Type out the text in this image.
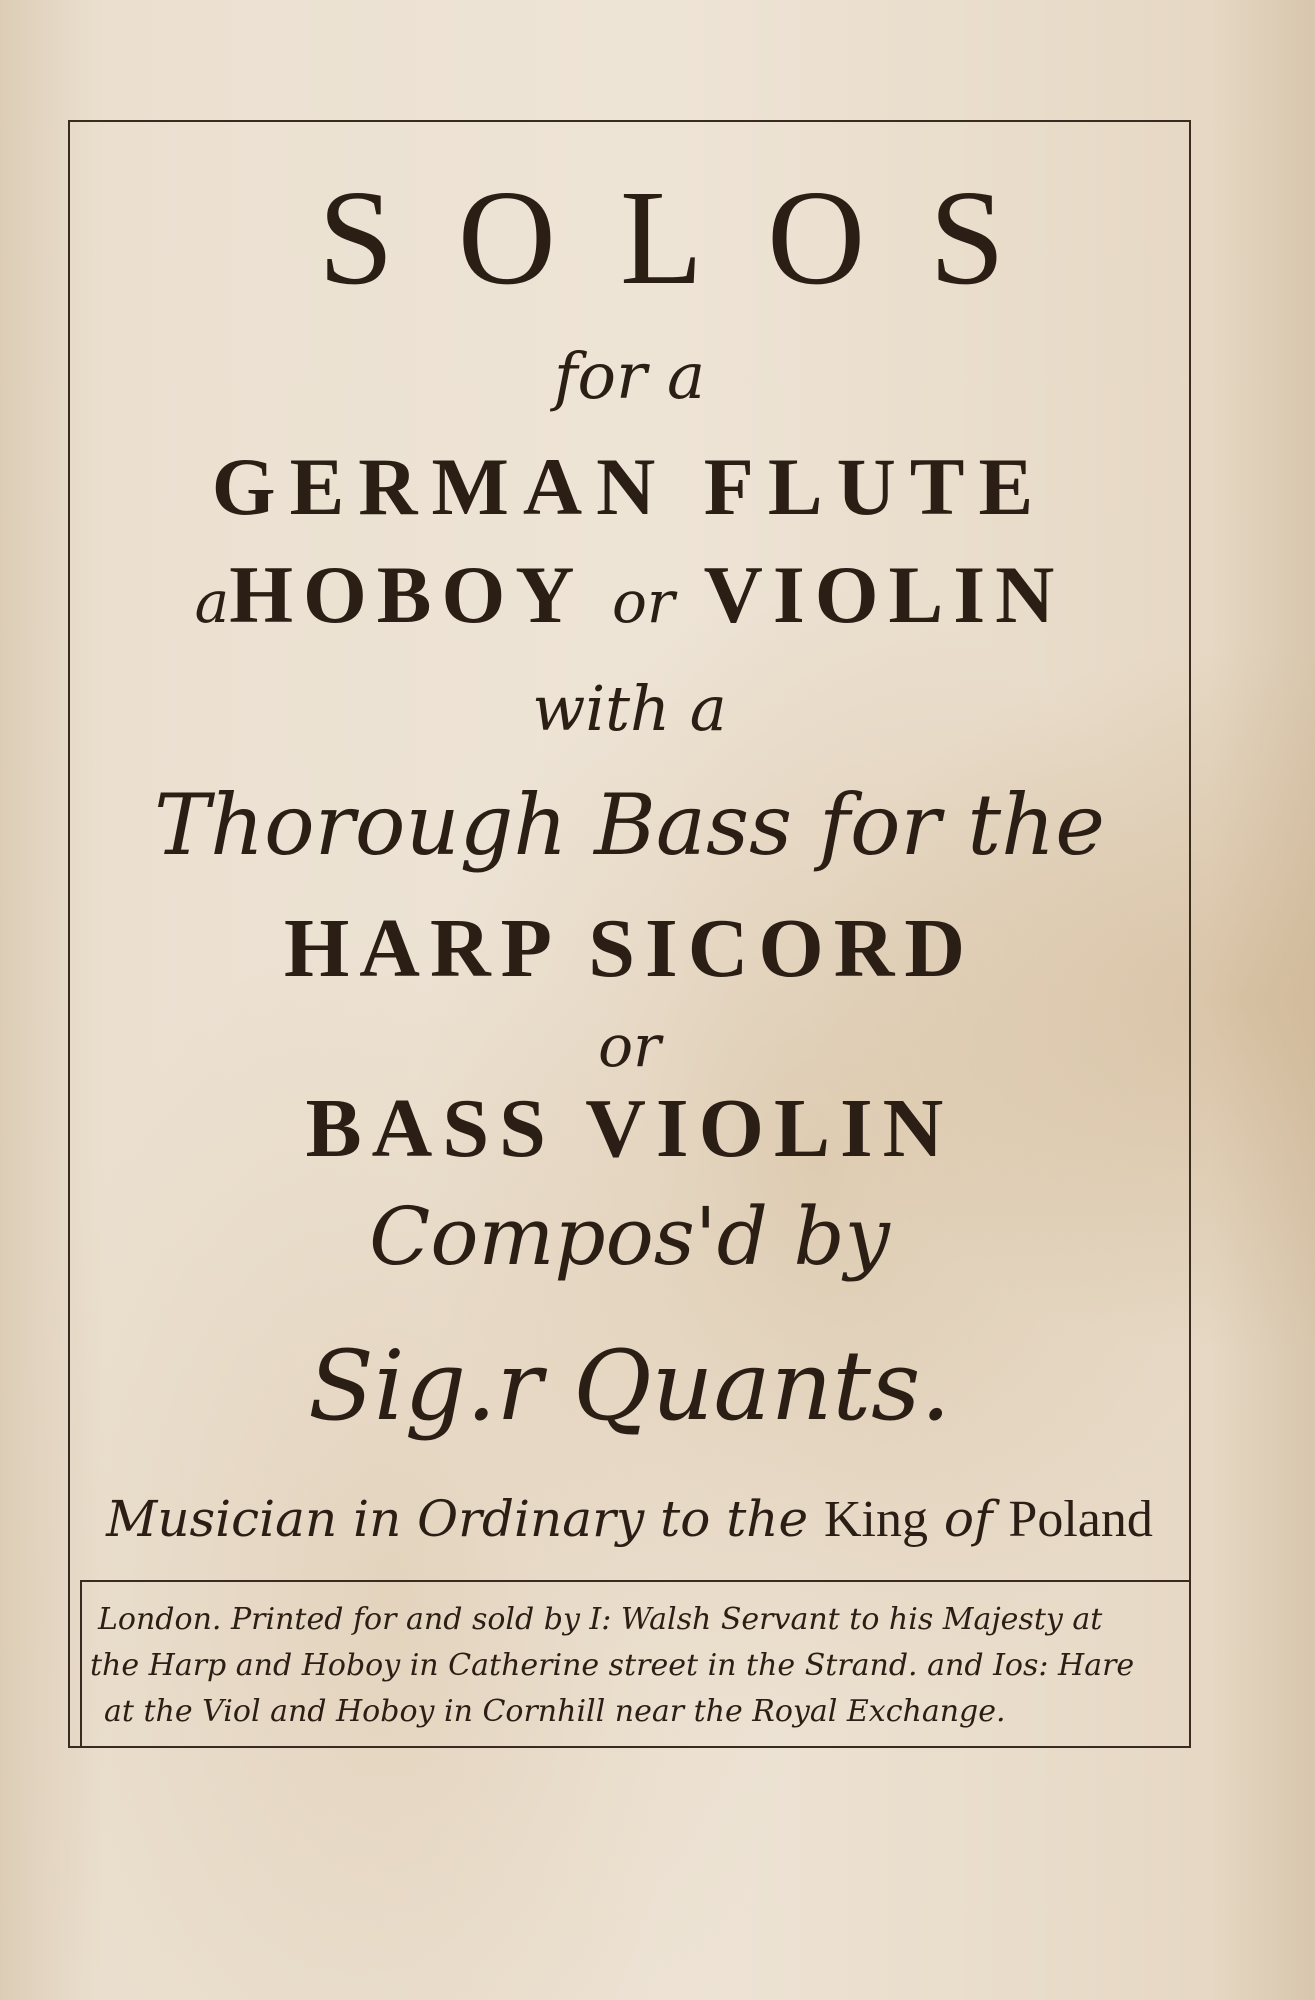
SOLOS
for a
GERMAN FLUTE
aHOBOY or VIOLIN
with a
Thorough Bass for the
HARP SICORD
or
BASS VIOLIN
Compos'd by
Sig.r Quants.
Musician in Ordinary to the King of Poland
London. Printed for and sold by I: Walsh Servant to his Majesty at
the Harp and Hoboy in Catherine street in the Strand. and Ios: Hare
at the Viol and Hoboy in Cornhill near the Royal Exchange.
